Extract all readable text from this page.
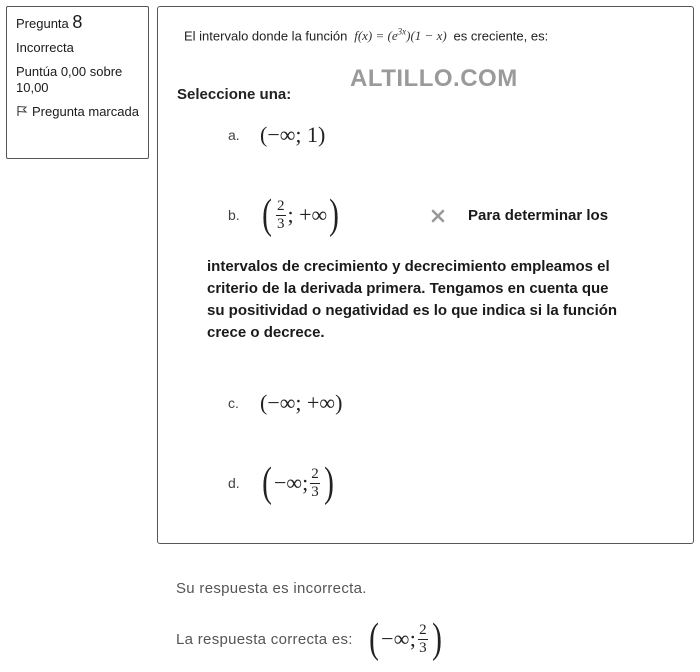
Pregunta 8
Incorrecta
Puntúa 0,00 sobre 10,00
Pregunta marcada
El intervalo donde la función  $f(x) = (e^{3x})(1 - x)$  es creciente, es:
ALTILLO.COM
Seleccione una:
a. (−∞; 1)
b. ( $\frac{2}{3}$ ; +∞ )	Para determinar los
intervalos de crecimiento y decrecimiento empleamos el criterio de la derivada primera. Tengamos en cuenta que su positividad o negatividad es lo que indica si la función crece o decrece.
c. (−∞; +∞)
d. ( −∞; $\frac{2}{3}$ )
Su respuesta es incorrecta.
La respuesta correcta es: ( −∞; $\frac{2}{3}$ )
